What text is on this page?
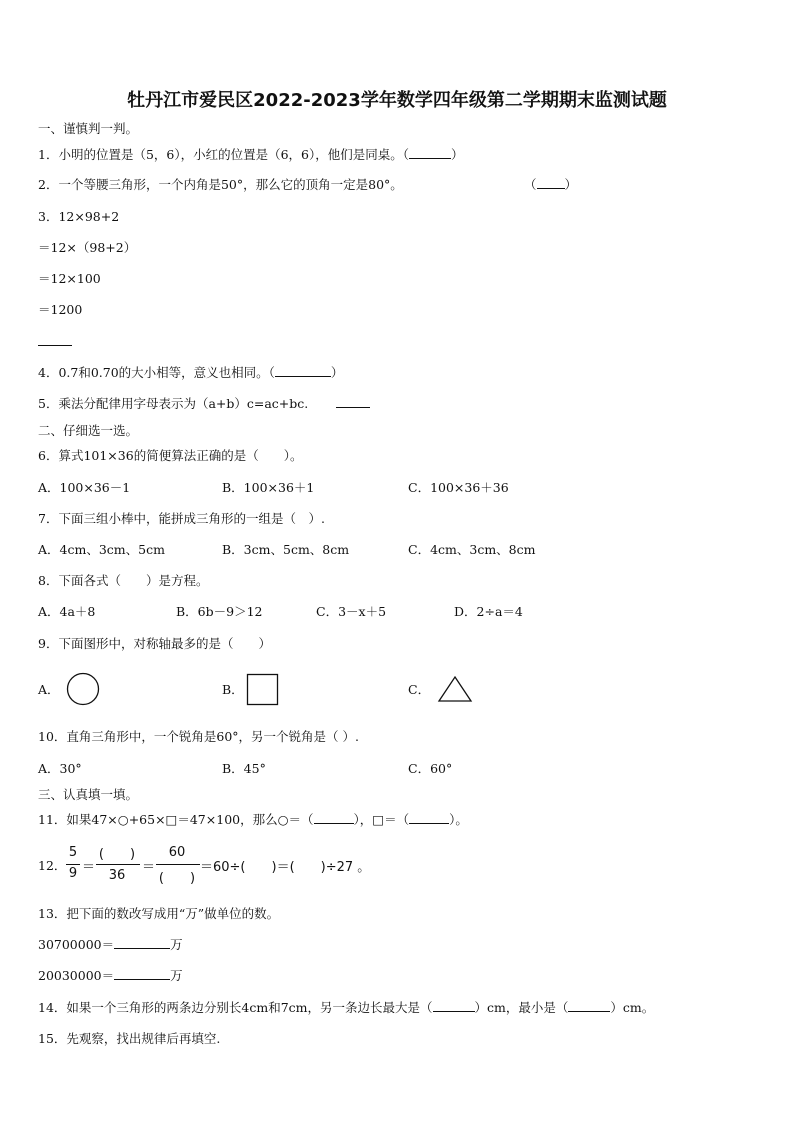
牡丹江市爱民区2022-2023学年数学四年级第二学期期末监测试题
一、谨慎判一判。
1．小明的位置是（5，6），小红的位置是（6，6），他们是同桌。（	）
2．一个等腰三角形，一个内角是50°，那么它的顶角一定是80°。	（ ）
3．12×98+2
＝12×（98+2）
＝12×100
＝1200
4．0.7和0.70的大小相等，意义也相同。（	）
5．乘法分配律用字母表示为（a+b）c=ac+bc.
二、仔细选一选。
6．算式101×36的简便算法正确的是（　　）。
A．100×36－1	B．100×36＋1	C．100×36＋36
7．下面三组小棒中，能拼成三角形的一组是（　）.
A．4cm、3cm、5cm	B．3cm、5cm、8cm	C．4cm、3cm、8cm
8．下面各式（　　）是方程。
A．4a＋8	B．6b－9＞12	C．3－x＋5	D．2÷a＝4
9．下面图形中，对称轴最多的是（　　）
A．	B．	C．
10．直角三角形中，一个锐角是60°，另一个锐角是（ ）.
A．30°	B．45°	C．60°
三、认真填一填。
11．如果47×○+65×□＝47×100，那么○＝（	），□＝（	）。
12．
5
9 ＝
(　　)
36
＝
60
(　　)
＝60÷(　　)＝(　　)÷27 。
13．把下面的数改写成用“万”做单位的数。
30700000＝	万
20030000＝	万
14．如果一个三角形的两条边分别长4cm和7cm，另一条边长最大是（	）cm，最小是（	）cm。
15．先观察，找出规律后再填空.
